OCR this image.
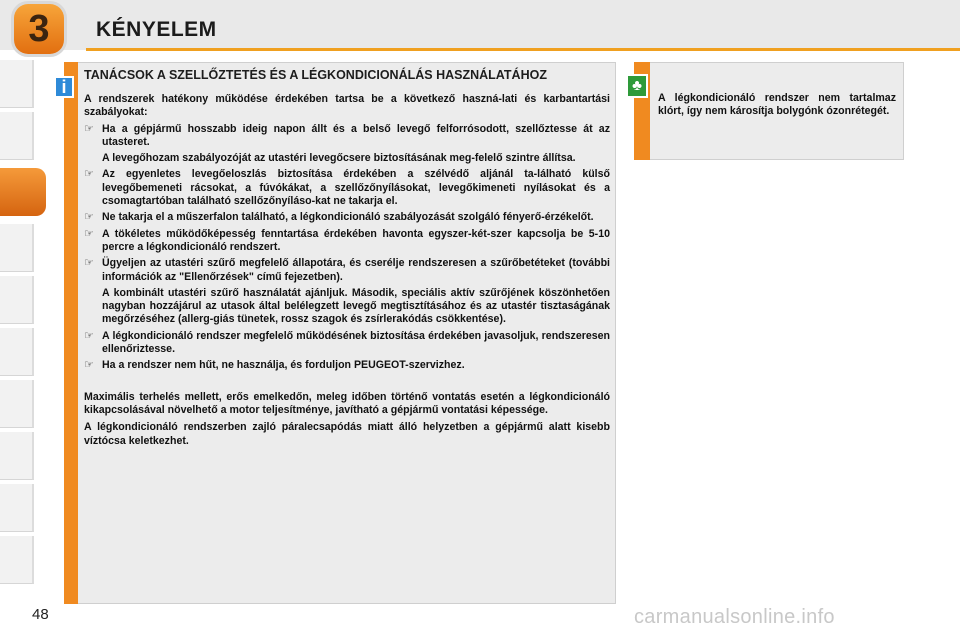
3	KÉNYELEM
i
TANÁCSOK A SZELLŐZTETÉS ÉS A LÉGKONDICIONÁLÁS HASZNÁLATÁHOZ
A rendszerek hatékony működése érdekében tartsa be a következő haszná-lati és karbantartási szabályokat:
☞ Ha a gépjármű hosszabb ideig napon állt és a belső levegő felforrósodott, szellőztesse át az utasteret.
A levegőhozam szabályozóját az utastéri levegőcsere biztosításának meg-felelő szintre állítsa.
☞ Az egyenletes levegőeloszlás biztosítása érdekében a szélvédő aljánál ta-lálható külső levegőbemeneti rácsokat, a fúvókákat, a szellőzőnyílásokat, levegőkimeneti nyílásokat és a csomagtartóban található szellőzőnyíláso-kat ne takarja el.
☞ Ne takarja el a műszerfalon található, a légkondicionáló szabályozását szolgáló fényerő-érzékelőt.
☞ A tökéletes működőképesség fenntartása érdekében havonta egyszer-két-szer kapcsolja be 5-10 percre a légkondicionáló rendszert.
☞ Ügyeljen az utastéri szűrő megfelelő állapotára, és cserélje rendszeresen a szűrőbetéteket (további információk az "Ellenőrzések" című fejezetben).
A kombinált utastéri szűrő használatát ajánljuk. Második, speciális aktív szűrőjének köszönhetően nagyban hozzájárul az utasok által belélegzett levegő megtisztításához és az utastér tisztaságának megőrzéséhez (allerg-giás tünetek, rossz szagok és zsírlerakódás csökkentése).
☞ A légkondicionáló rendszer megfelelő működésének biztosítása érdekében javasoljuk, rendszeresen ellenőriztesse.
☞ Ha a rendszer nem hűt, ne használja, és forduljon PEUGEOT-szervizhez.
Maximális terhelés mellett, erős emelkedőn, meleg időben történő vontatás esetén a légkondicionáló kikapcsolásával növelhető a motor teljesítménye, javítható a gépjármű vontatási képessége.
A légkondicionáló rendszerben zajló páralecsapódás miatt álló helyzetben a gépjármű alatt kisebb víztócsa keletkezhet.
♣
A légkondicionáló rendszer nem tartalmaz klórt, így nem károsítja bolygónk ózonrétegét.
48	carmanualsonline.info
